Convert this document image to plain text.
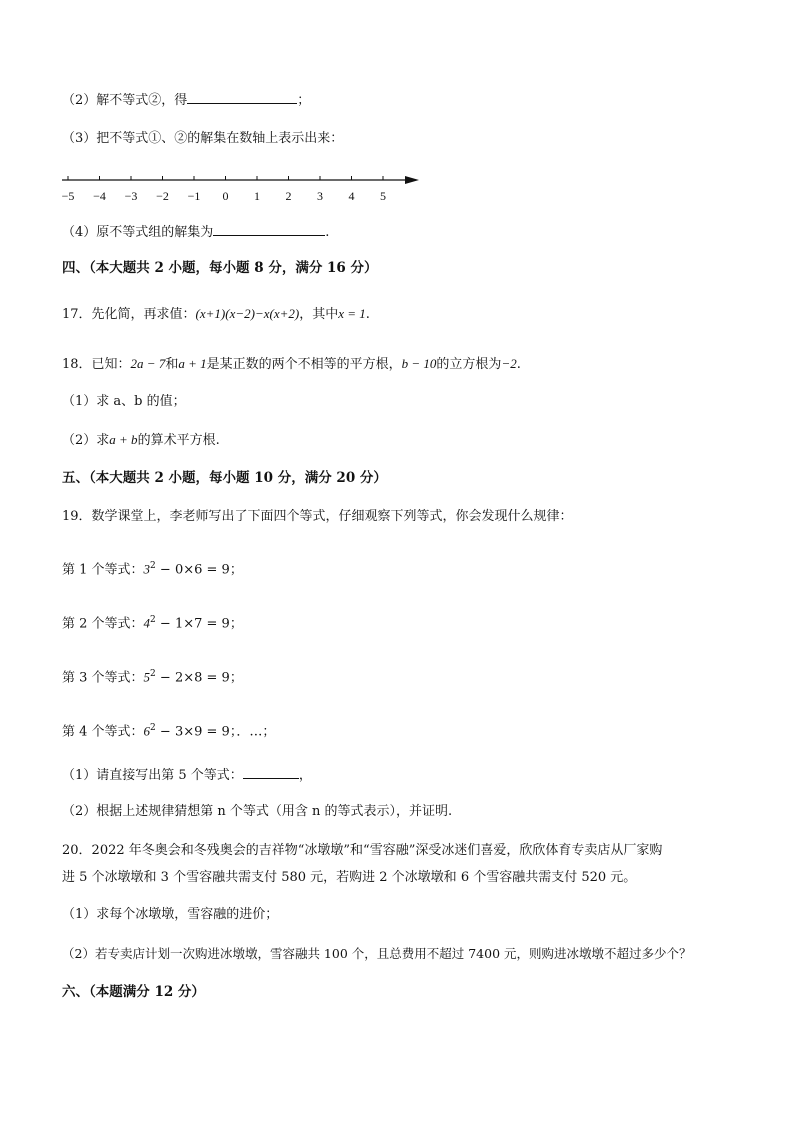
（2）解不等式②，得	；
（3）把不等式①、②的解集在数轴上表示出来：
−5 −4 −3 −2 −1 0 1 2 3 4 5
（4）原不等式组的解集为	.
四、（本大题共 2 小题，每小题 8 分，满分 16 分）
17．先化简，再求值：(x+1)(x−2)−x(x+2)，其中x = 1.
18．已知：2a − 7和a + 1是某正数的两个不相等的平方根，b − 10的立方根为−2.
（1）求 a、b 的值；
（2）求a + b的算术平方根.
五、（本大题共 2 小题，每小题 10 分，满分 20 分）
19．数学课堂上，李老师写出了下面四个等式，仔细观察下列等式，你会发现什么规律：
第 1 个等式：$3^2 - 0\times 6 = 9$；
第 2 个等式：$4^2 - 1\times 7 = 9$；
第 3 个等式：$5^2 - 2\times 8 = 9$；
第 4 个等式：$6^2 - 3\times 9 = 9$；．…；
（1）请直接写出第 5 个等式：	，
（2）根据上述规律猜想第 n 个等式（用含 n 的等式表示），并证明.
20．2022 年冬奥会和冬残奥会的吉祥物“冰墩墩”和“雪容融”深受冰迷们喜爱，欣欣体育专卖店从厂家购
进 5 个冰墩墩和 3 个雪容融共需支付 580 元，若购进 2 个冰墩墩和 6 个雪容融共需支付 520 元。
（1）求每个冰墩墩，雪容融的进价；
（2）若专卖店计划一次购进冰墩墩，雪容融共 100 个，且总费用不超过 7400 元，则购进冰墩墩不超过多少个？
六、（本题满分 12 分）
